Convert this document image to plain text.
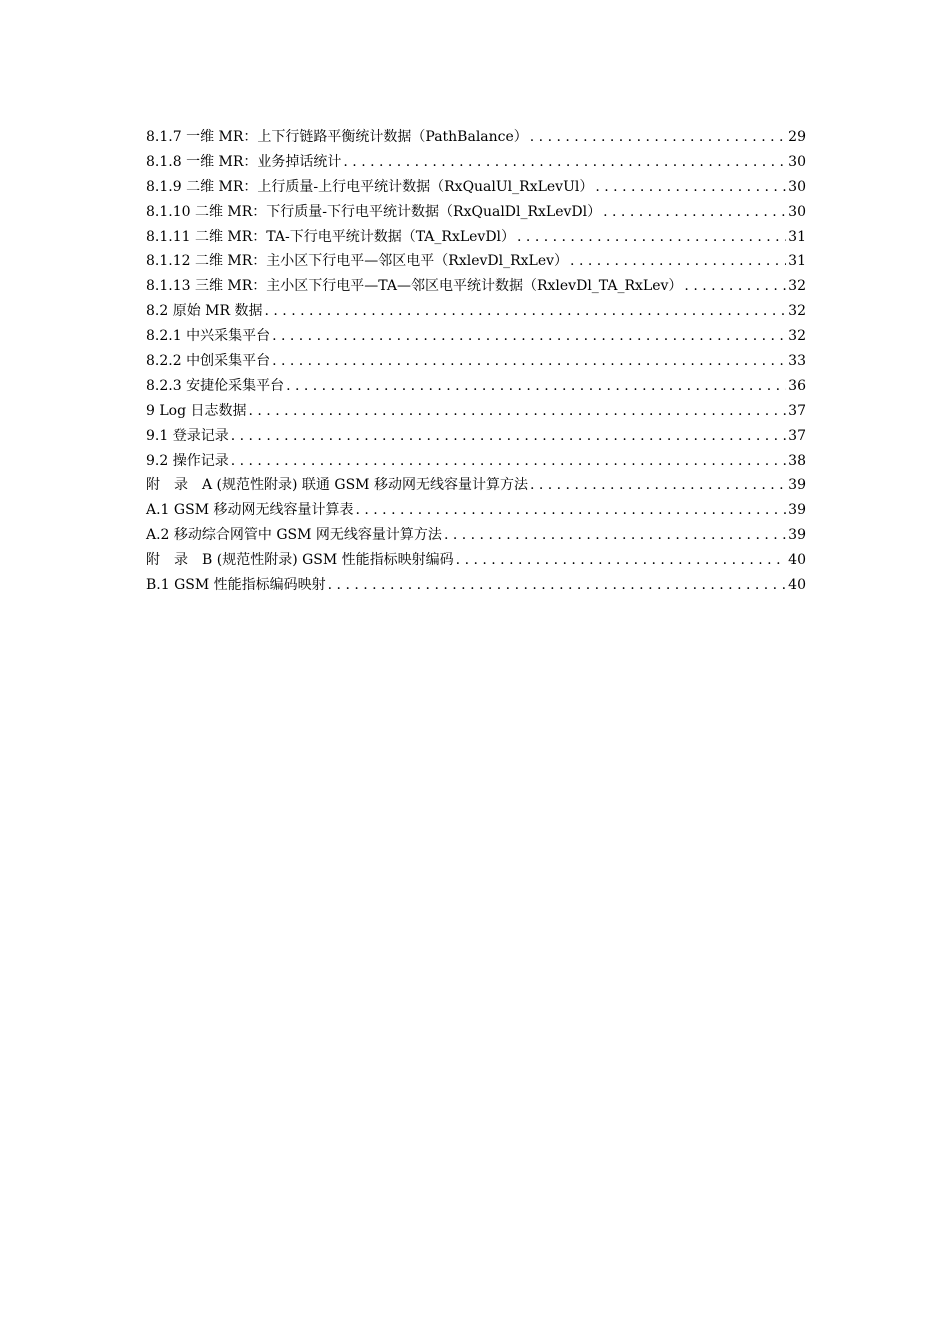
8.1.7 一维 MR：上下行链路平衡统计数据（PathBalance） . . .	29
8.1.8 一维 MR：业务掉话统计 . . .	30
8.1.9 二维 MR：上行质量-上行电平统计数据（RxQualUl_RxLevUl） . . .	30
8.1.10 二维 MR：下行质量-下行电平统计数据（RxQualDl_RxLevDl） . . .	30
8.1.11 二维 MR：TA-下行电平统计数据（TA_RxLevDl） . . .	31
8.1.12 二维 MR：主小区下行电平—邻区电平（RxlevDl_RxLev） . . .	31
8.1.13 三维 MR：主小区下行电平—TA—邻区电平统计数据（RxlevDl_TA_RxLev） . . .	32
8.2 原始 MR 数据 . . .	32
8.2.1 中兴采集平台 . . .	32
8.2.2 中创采集平台 . . .	33
8.2.3 安捷伦采集平台 . . .	36
9 Log 日志数据 . . .	37
9.1 登录记录 . . .	37
9.2 操作记录 . . .	38
附　录　A (规范性附录) 联通 GSM 移动网无线容量计算方法 . . .	39
A.1 GSM 移动网无线容量计算表 . . .	39
A.2 移动综合网管中 GSM 网无线容量计算方法 . . .	39
附　录　B (规范性附录) GSM 性能指标映射编码 . . .	40
B.1 GSM 性能指标编码映射 . . .	40
